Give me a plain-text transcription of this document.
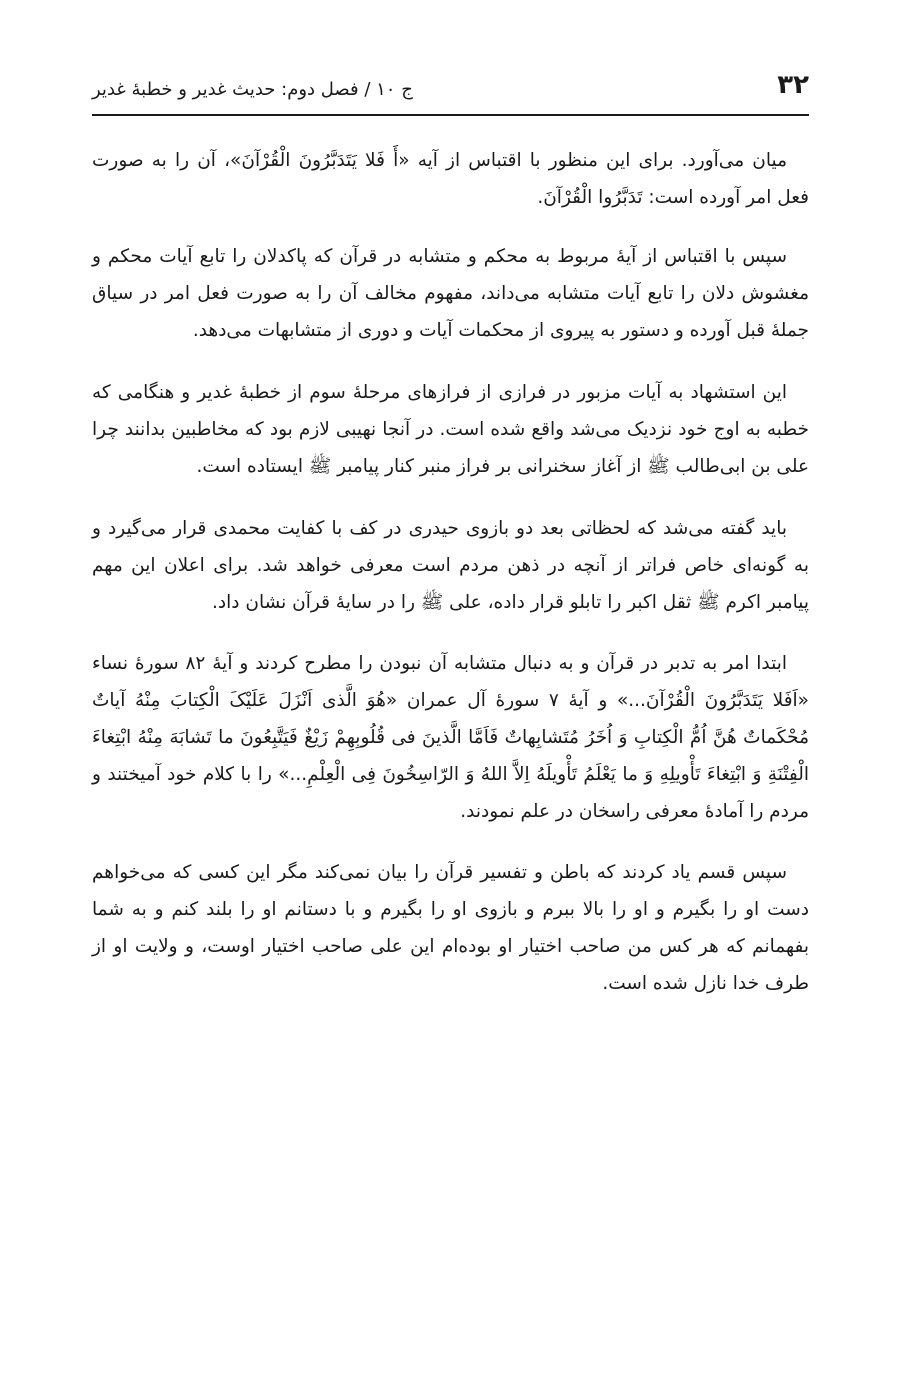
۳۲
ج ۱۰ / فصل دوم: حدیث غدیر و خطبهٔ غدیر

میان می‌آورد. برای این منظور با اقتباس از آیه «أَ فَلا یَتَدَبَّرُونَ الْقُرْآنَ»، آن را به صورت فعل امر آورده است: تَدَبَّرُوا الْقُرْآنَ.

سپس با اقتباس از آیهٔ مربوط به محکم و متشابه در قرآن که پاکدلان را تابع آیات محکم و مغشوش دلان را تابع آیات متشابه می‌داند، مفهوم مخالف آن را به صورت فعل امر در سیاق جملهٔ قبل آورده و دستور به پیروی از محکمات آیات و دوری از متشابهات می‌دهد.

این استشهاد به آیات مزبور در فرازی از فرازهای مرحلهٔ سوم از خطبهٔ غدیر و هنگامی که خطبه به اوج خود نزدیک می‌شد واقع شده است. در آنجا نهیبی لازم بود که مخاطبین بدانند چرا علی بن ابی‌طالب ﷺ از آغاز سخنرانی بر فراز منبر کنار پیامبر ﷺ ایستاده است.

باید گفته می‌شد که لحظاتی بعد دو بازوی حیدری در کف با کفایت محمدی قرار می‌گیرد و به گونه‌ای خاص فراتر از آنچه در ذهن مردم است معرفی خواهد شد. برای اعلان این مهم پیامبر اکرم ﷺ ثقل اکبر را تابلو قرار داده، علی ﷺ را در سایهٔ قرآن نشان داد.

ابتدا امر به تدبر در قرآن و به دنبال متشابه آن نبودن را مطرح کردند و آیهٔ ۸۲ سورهٔ نساء «اَفَلا یَتَدَبَّرُونَ الْقُرْآنَ...» و آیهٔ ۷ سورهٔ آل عمران «هُوَ الَّذی اَنْزَلَ عَلَیْکَ الْکِتابَ مِنْهُ آیاتٌ مُحْکَماتٌ هُنَّ اُمُّ الْکِتابِ وَ اُخَرُ مُتَشابِهاتٌ فَاَمَّا الَّذینَ فی قُلُوبِهِمْ زَیْغٌ فَیَتَّبِعُونَ ما تَشابَهَ مِنْهُ ابْتِغاءَ الْفِتْنَةِ وَ ابْتِغاءَ تَأْویلِهِ وَ ما یَعْلَمُ تَأْویلَهُ اِلاَّ اللهُ وَ الرّاسِخُونَ فِی الْعِلْمِ...» را با کلام خود آمیختند و مردم را آمادهٔ معرفی راسخان در علم نمودند.

سپس قسم یاد کردند که باطن و تفسیر قرآن را بیان نمی‌کند مگر این کسی که می‌خواهم دست او را بگیرم و او را بالا ببرم و بازوی او را بگیرم و با دستانم او را بلند کنم و به شما بفهمانم که هر کس من صاحب اختیار او بوده‌ام این علی صاحب اختیار اوست، و ولایت او از طرف خدا نازل شده است.
